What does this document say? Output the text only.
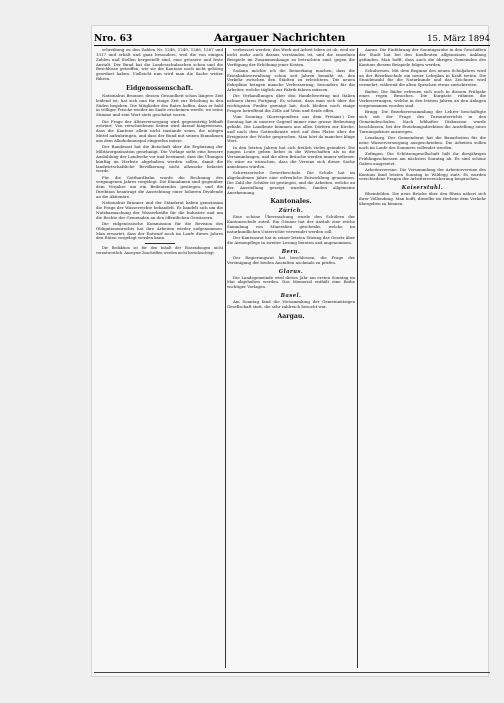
Nro. 63	Aargauer Nachrichten	15. März 1894

schreibung zu den Zahlen Nr. 1248, 1249, 1266, 1267 und 1317 und erhält und ganz besonders, weil die von einigen Zahlen und Stellen hergestellt sind, eine grössere und feste Anstalt. Der Bund hat die Landesschulsachen schon und die Beschlüsse getroffen, wie sie die Kantone noch nicht gehörig geordnet haben. Vielleicht nun wird man die Sache weiter führen.

Eidgenossenschaft.

Nationalrat Brunner, dessen Gesundheit schon längere Zeit leidend ist, hat sich nun für einige Zeit zur Erholung in den Süden begeben. Die Mitglieder des Rates hoffen, dass er bald in völliger Frische wieder im Saale erscheinen werde, wo seine Stimme und sein Wort stets geschätzt waren.

Die Frage der Altersversorgung wird gegenwärtig lebhaft erörtert. Von verschiedenen Seiten wird darauf hingewiesen, dass die Kantone allein nicht imstande seien, die nötigen Mittel aufzubringen, und dass der Bund mit seinen Einnahmen aus dem Alkoholmonopol eingreifen müsse.

Der Bundesrat hat die Botschaft über die Ergänzung der Militärorganisation genehmigt. Die Vorlage sieht eine bessere Ausbildung der Landwehr vor und bestimmt, dass die Übungen künftig im Herbste abgehalten werden sollen, damit die landwirtschaftliche Bevölkerung nicht allzusehr belastet werde.

Für die Gotthardbahn wurde die Rechnung des vergangenen Jahres vorgelegt. Die Einnahmen sind gegenüber dem Vorjahre um ein Bedeutendes gestiegen, und die Direktion beantragt die Ausrichtung einer höheren Dividende an die Aktionäre.

Nationalrat Brunner und der Ständerat haben gemeinsam die Frage der Wasserrechte behandelt. Es handelt sich um die Nutzbarmachung der Wasserkräfte für die Industrie und um die Rechte der Gemeinden an den öffentlichen Gewässern.

Die eidgenössische Kommission für die Revision des Obligationenrechts hat ihre Arbeiten wieder aufgenommen. Man erwartet, dass der Entwurf noch im Laufe dieses Jahres den Räten vorgelegt werden kann.

Die Redaktion ist für den Inhalt der Einsendungen nicht verantwortlich. Anonyme Zuschriften werden nicht berücksichtigt.

verbessert werden; das Werk auf Arbeit leben ist ob, weil sie nicht mehr auch daraus verstanden ist, und die einzelnen Beispiele im Zusammenhange zu betrachten sind, gegen die Verfügung der Erhöhung jener Kosten.

Sodann möchte ich die Bemerkung machen, dass die Eisenbahnverwaltung schon seit Jahren bemüht ist, den Verkehr zwischen den Städten zu erleichtern. Die neuen Fahrpläne bringen manche Verbesserung, besonders für die Arbeiter, welche täglich zur Fabrik fahren müssen.

Die Verhandlungen über den Handelsvertrag mit Italien nehmen ihren Fortgang. Es scheint, dass man sich über die wichtigsten Punkte geeinigt hat, doch bleiben noch einige Fragen betreffend die Zölle auf Wein und Seide offen.

Vom Sonntag. (Korrespondenz aus dem Freiamt.) Der Sonntag hat in unserer Gegend immer eine grosse Bedeutung gehabt. Die Landleute kommen aus allen Dörfern zur Kirche, und nach dem Gottesdienste wird auf dem Platze über die Ereignisse der Woche gesprochen. Man hört da manches kluge Wort.

In den letzten Jahren hat sich freilich vieles geändert. Die jungen Leute gehen lieber in die Wirtschaften als in die Versammlungen, und die alten Bräuche werden immer seltener. Es wäre zu wünschen, dass die Vereine sich dieser Sache annehmen würden.

Schweizerische Gewerbeschule. Die Schule hat im abgelaufenen Jahre eine erfreuliche Entwicklung genommen. Die Zahl der Schüler ist gestiegen, und die Arbeiten, welche an der Ausstellung gezeigt wurden, fanden allgemeine Anerkennung.

Kantonales.
Zürich.

Eine schöne Überraschung wurde den Schülern der Kantonsschule zuteil. Ein Gönner hat der Anstalt eine reiche Sammlung von Mineralien geschenkt, welche im naturkundlichen Unterrichte verwendet werden soll.

Der Kantonsrat hat in seiner letzten Sitzung das Gesetz über die Armenpflege in zweiter Lesung beraten und angenommen.

Bern.

Der Regierungsrat hat beschlossen, die Frage der Vereinigung der beiden Anstalten nochmals zu prüfen.

Glarus.

Die Landsgemeinde wird dieses Jahr am ersten Sonntag im Mai abgehalten werden. Das Memorial enthält eine Reihe wichtiger Vorlagen.

Basel.

Am Sonntag fand die Versammlung der Gemeinnützigen Gesellschaft statt, die sehr zahlreich besucht war.

Aargau.

Aarau. Die Einführung der Sonntagsruhe in den Geschäften der Stadt hat bei den Kaufleuten allgemeinen Anklang gefunden. Man hofft, dass auch die übrigen Gemeinden des Kantons diesem Beispiele folgen werden.

Schulwesen. Mit dem Beginne des neuen Schuljahres wird an der Bezirksschule ein neuer Lehrplan in Kraft treten. Die Stundenzahl für die Naturkunde und das Zeichnen wird vermehrt, während die alten Sprachen etwas zurücktreten.

Baden. Die Bäder erfreuen sich auch in diesem Frühjahr eines regen Besuches. Die Kurgäste rühmen die Verbesserungen, welche in den letzten Jahren an den Anlagen vorgenommen worden sind.

Brugg. Die Bezirksversammlung der Lehrer beschäftigte sich mit der Frage des Turnunterrichts in den Gemeindeschulen. Nach lebhafter Diskussion wurde beschlossen, bei der Erziehungsdirektion die Anstellung eines Turninspektors anzuregen.

Lenzburg. Der Gemeinderat hat die Bauarbeiten für die neue Wasserversorgung ausgeschrieben. Die Arbeiten sollen noch im Laufe des Sommers vollendet werden.

Zofingen. Die Schützengesellschaft hält ihr diesjähriges Frühlingsschiessen am nächsten Sonntag ab. Es sind schöne Gaben ausgesetzt.

Arbeitervereine. Die Versammlung der Arbeitervereine des Kantons fand letzten Sonntag in Wildegg statt. Es wurden verschiedene Fragen der Arbeiterversicherung besprochen.

Kaiserstuhl.

Rheinfelden. Die neue Brücke über den Rhein nähert sich ihrer Vollendung. Man hofft, dieselbe im Herbste dem Verkehr übergeben zu können.
